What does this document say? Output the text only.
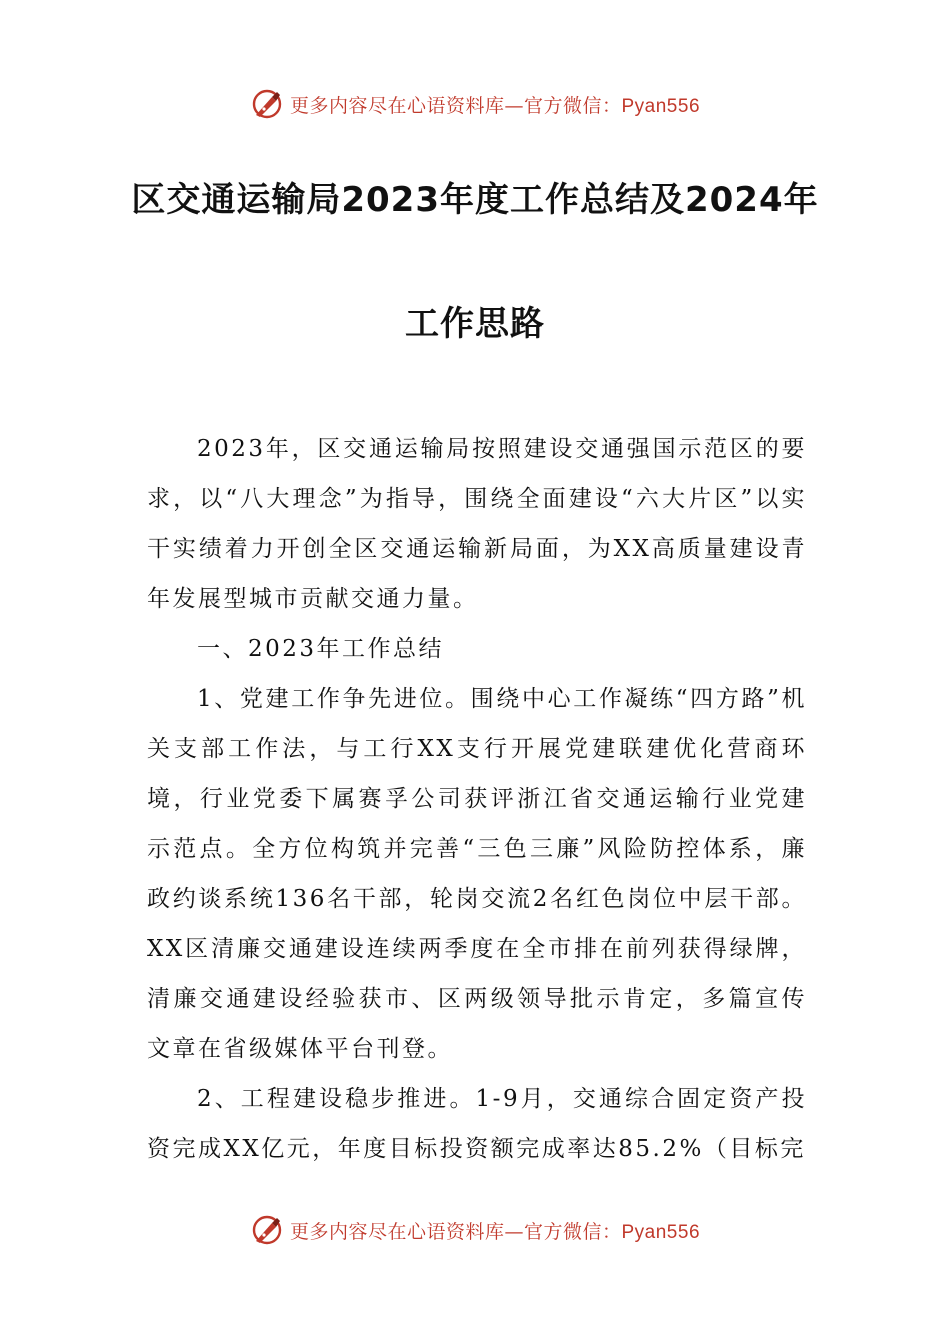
更多内容尽在心语资料库—官方微信：Pyan556
区交通运输局2023年度工作总结及2024年
工作思路

2023年，区交通运输局按照建设交通强国示范区的要求，以“八大理念”为指导，围绕全面建设“六大片区”以实干实绩着力开创全区交通运输新局面，为XX高质量建设青年发展型城市贡献交通力量。

一、2023年工作总结

1、党建工作争先进位。围绕中心工作凝练“四方路”机关支部工作法，与工行XX支行开展党建联建优化营商环境，行业党委下属赛孚公司获评浙江省交通运输行业党建示范点。全方位构筑并完善“三色三廉”风险防控体系，廉政约谈系统136名干部，轮岗交流2名红色岗位中层干部。XX区清廉交通建设连续两季度在全市排在前列获得绿牌，清廉交通建设经验获市、区两级领导批示肯定，多篇宣传文章在省级媒体平台刊登。

2、工程建设稳步推进。1-9月，交通综合固定资产投资完成XX亿元，年度目标投资额完成率达85.2%（目标完

更多内容尽在心语资料库—官方微信：Pyan556
